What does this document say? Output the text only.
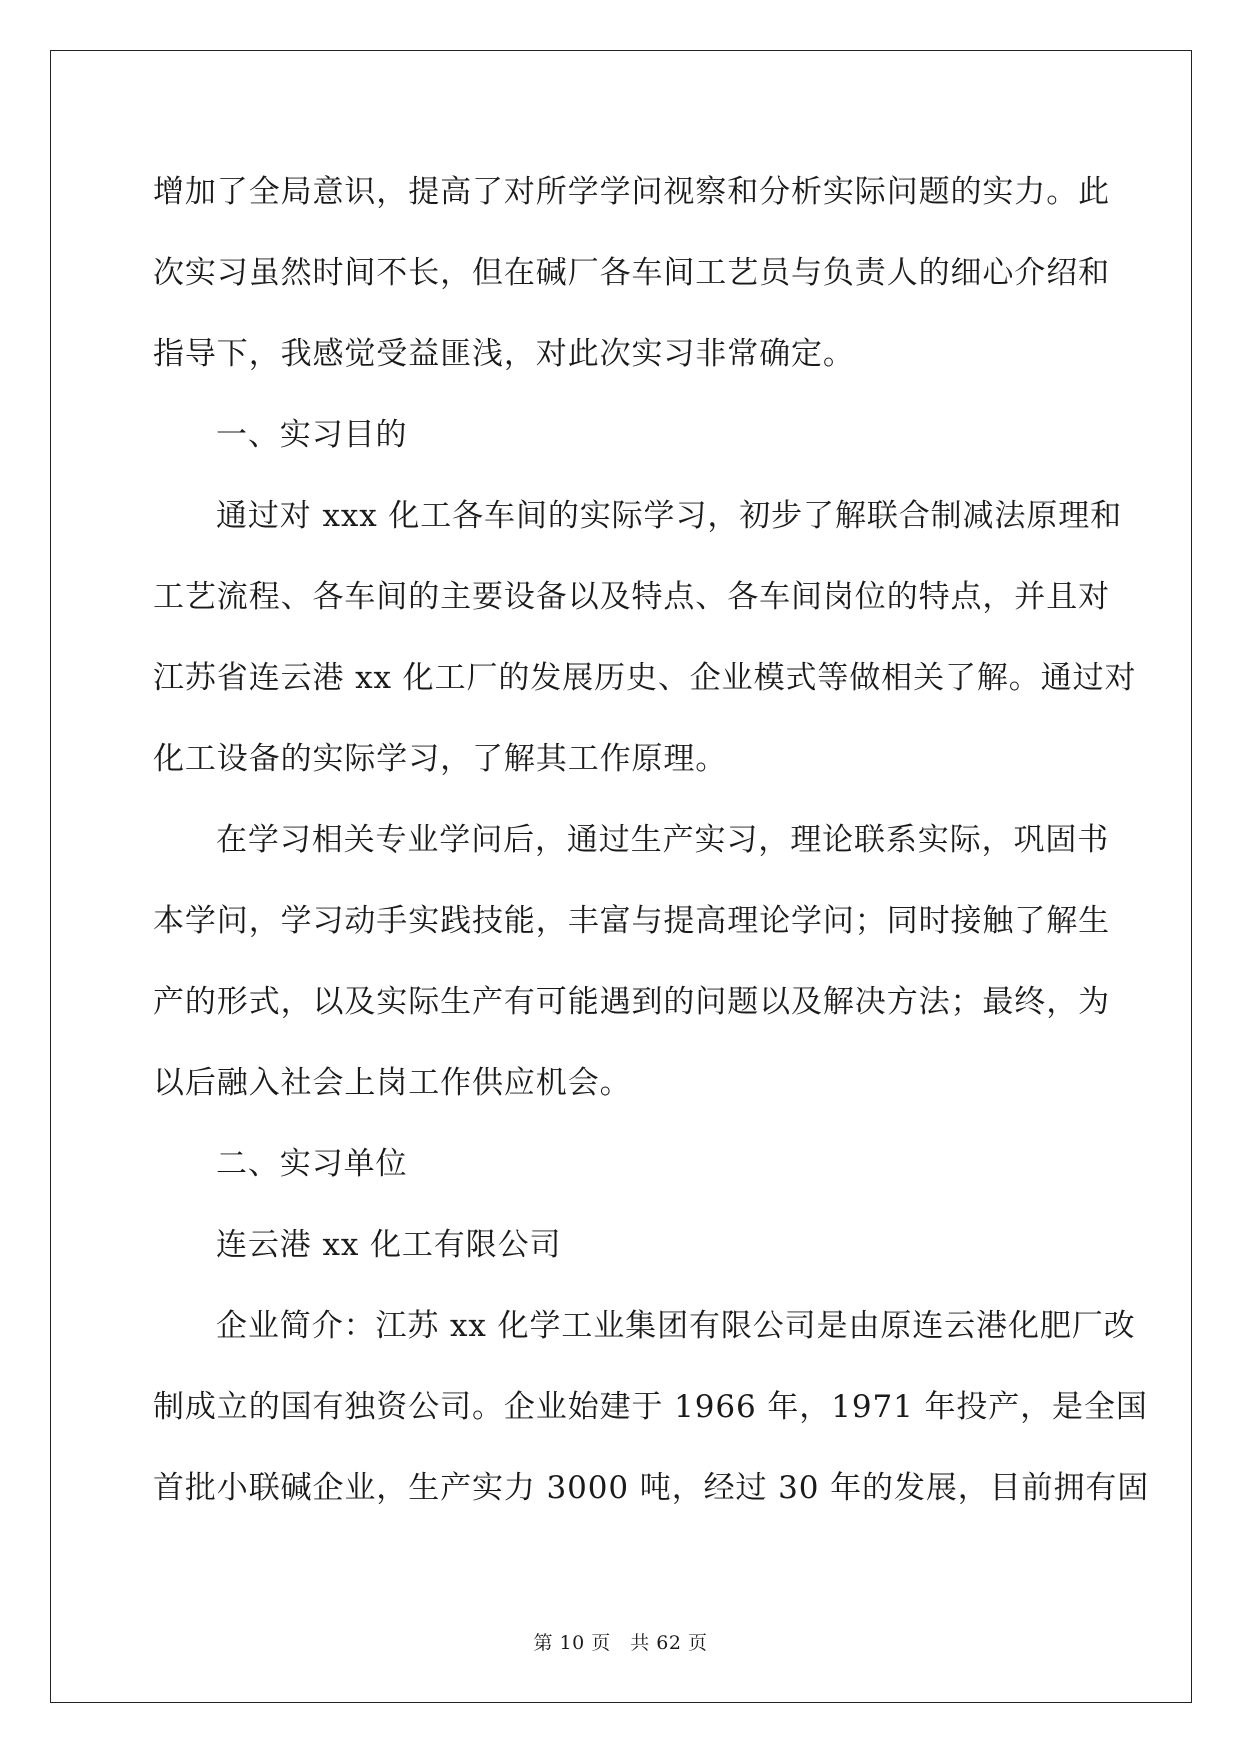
增加了全局意识，提高了对所学学问视察和分析实际问题的实力。此
次实习虽然时间不长，但在碱厂各车间工艺员与负责人的细心介绍和
指导下，我感觉受益匪浅，对此次实习非常确定。
一、实习目的
通过对 xxx 化工各车间的实际学习，初步了解联合制减法原理和
工艺流程、各车间的主要设备以及特点、各车间岗位的特点，并且对
江苏省连云港 xx 化工厂的发展历史、企业模式等做相关了解。通过对
化工设备的实际学习，了解其工作原理。
在学习相关专业学问后，通过生产实习，理论联系实际，巩固书
本学问，学习动手实践技能，丰富与提高理论学问；同时接触了解生
产的形式，以及实际生产有可能遇到的问题以及解决方法；最终，为
以后融入社会上岗工作供应机会。
二、实习单位
连云港 xx 化工有限公司
企业简介：江苏 xx 化学工业集团有限公司是由原连云港化肥厂改
制成立的国有独资公司。企业始建于 1966 年，1971 年投产，是全国
首批小联碱企业，生产实力 3000 吨，经过 30 年的发展，目前拥有固
第 10 页　共 62 页
